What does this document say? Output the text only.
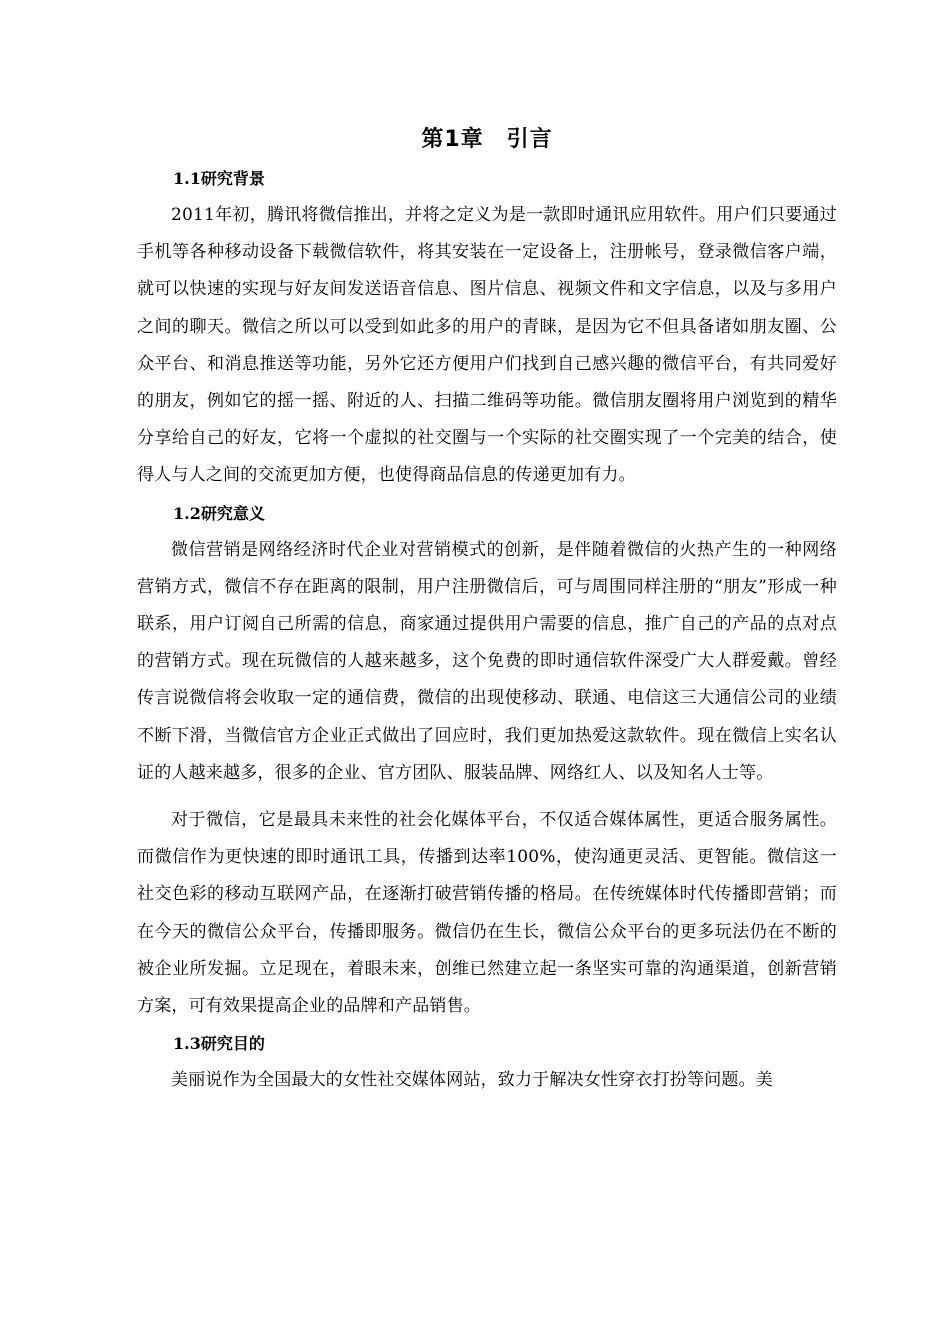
第1章　引言
1.1研究背景

2011年初，腾讯将微信推出，并将之定义为是一款即时通讯应用软件。用户们只要通过手机等各种移动设备下载微信软件，将其安装在一定设备上，注册帐号，登录微信客户端，就可以快速的实现与好友间发送语音信息、图片信息、视频文件和文字信息，以及与多用户之间的聊天。微信之所以可以受到如此多的用户的青睐，是因为它不但具备诸如朋友圈、公众平台、和消息推送等功能，另外它还方便用户们找到自己感兴趣的微信平台，有共同爱好的朋友，例如它的摇一摇、附近的人、扫描二维码等功能。微信朋友圈将用户浏览到的精华分享给自己的好友，它将一个虚拟的社交圈与一个实际的社交圈实现了一个完美的结合，使得人与人之间的交流更加方便，也使得商品信息的传递更加有力。

1.2研究意义

微信营销是网络经济时代企业对营销模式的创新，是伴随着微信的火热产生的一种网络营销方式，微信不存在距离的限制，用户注册微信后，可与周围同样注册的“朋友”形成一种联系，用户订阅自己所需的信息，商家通过提供用户需要的信息，推广自己的产品的点对点的营销方式。现在玩微信的人越来越多，这个免费的即时通信软件深受广大人群爱戴。曾经传言说微信将会收取一定的通信费，微信的出现使移动、联通、电信这三大通信公司的业绩不断下滑，当微信官方企业正式做出了回应时，我们更加热爱这款软件。现在微信上实名认证的人越来越多，很多的企业、官方团队、服装品牌、网络红人、以及知名人士等。

对于微信，它是最具未来性的社会化媒体平台，不仅适合媒体属性，更适合服务属性。而微信作为更快速的即时通讯工具，传播到达率100%，使沟通更灵活、更智能。微信这一社交色彩的移动互联网产品，在逐渐打破营销传播的格局。在传统媒体时代传播即营销；而在今天的微信公众平台，传播即服务。微信仍在生长，微信公众平台的更多玩法仍在不断的被企业所发掘。立足现在，着眼未来，创维已然建立起一条坚实可靠的沟通渠道，创新营销方案，可有效果提高企业的品牌和产品销售。

1.3研究目的

美丽说作为全国最大的女性社交媒体网站，致力于解决女性穿衣打扮等问题。美
